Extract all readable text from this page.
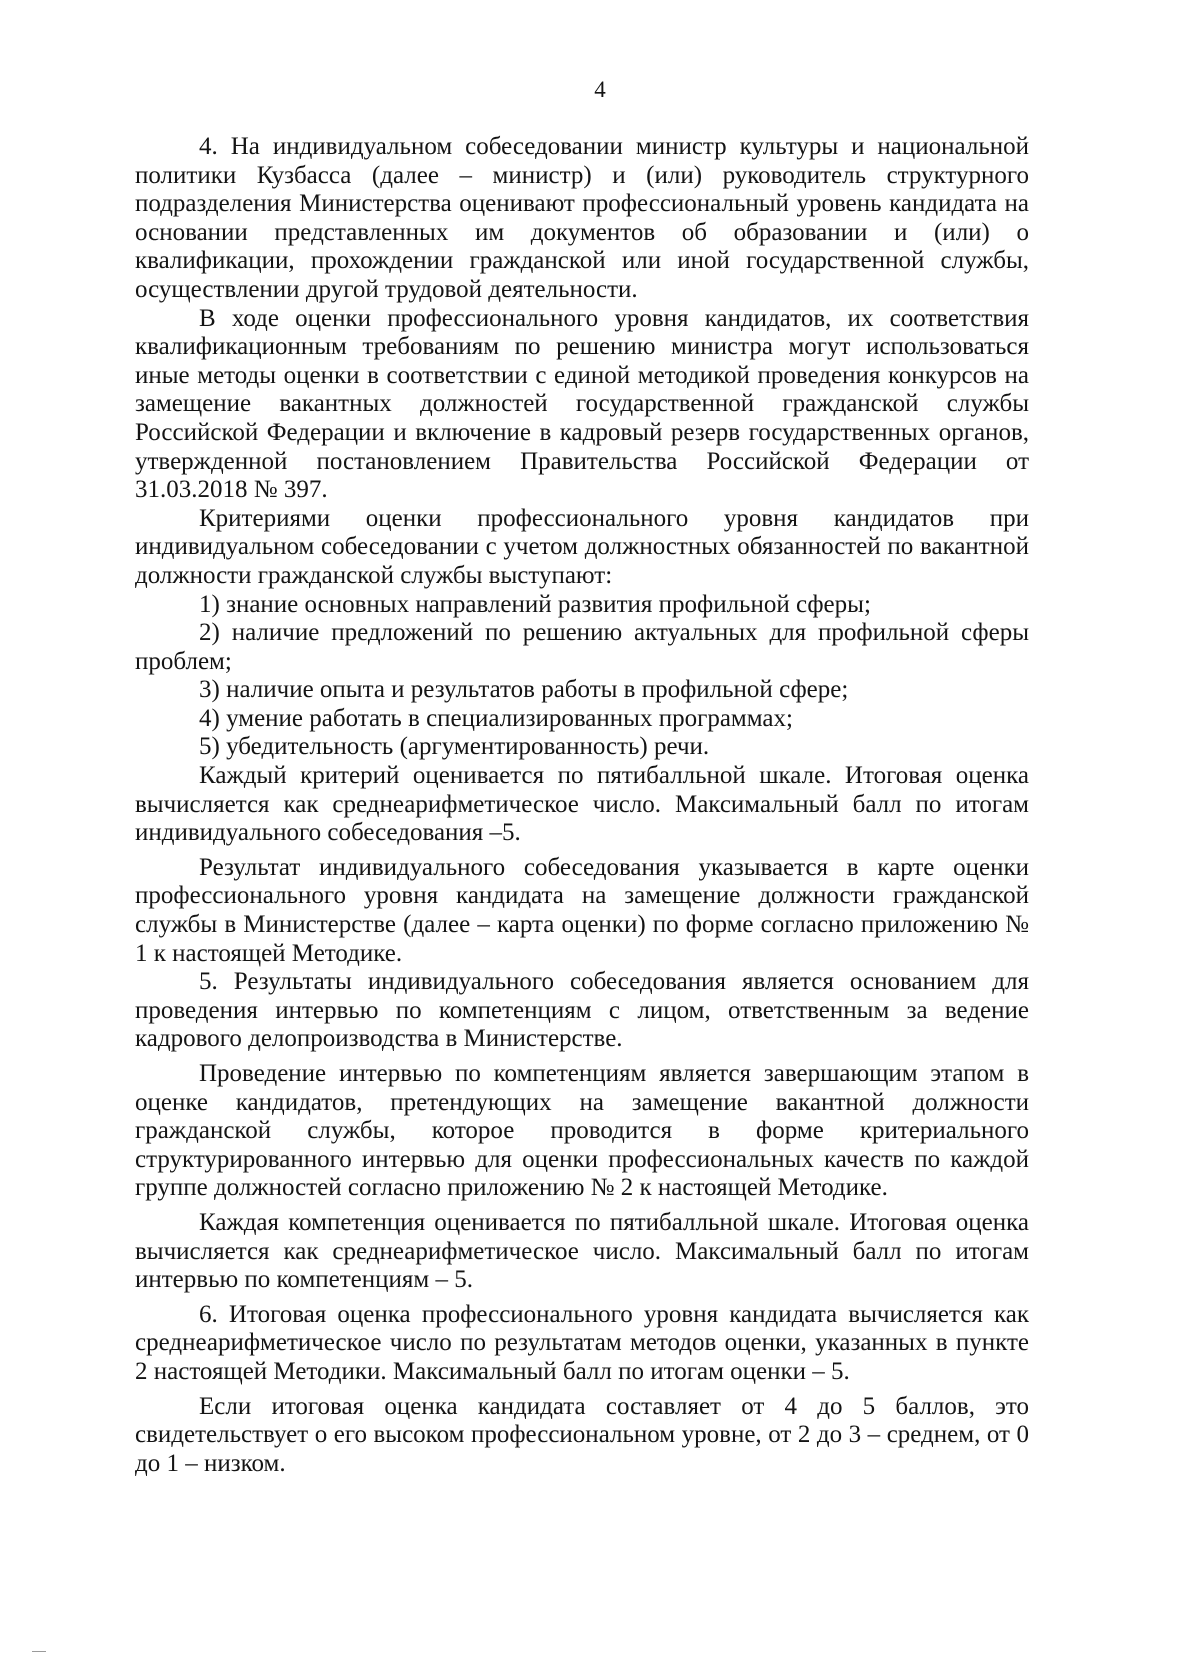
4

4. На индивидуальном собеседовании министр культуры и национальной политики Кузбасса (далее – министр) и (или) руководитель структурного подразделения Министерства оценивают профессиональный уровень кандидата на основании представленных им документов об образовании и (или) о квалификации, прохождении гражданской или иной государственной службы, осуществлении другой трудовой деятельности.

В ходе оценки профессионального уровня кандидатов, их соответствия квалификационным требованиям по решению министра могут использоваться иные методы оценки в соответствии с единой методикой проведения конкурсов на замещение вакантных должностей государственной гражданской службы Российской Федерации и включение в кадровый резерв государственных органов, утвержденной постановлением Правительства Российской Федерации от 31.03.2018 № 397.

Критериями оценки профессионального уровня кандидатов при индивидуальном собеседовании с учетом должностных обязанностей по вакантной должности гражданской службы выступают:

1) знание основных направлений развития профильной сферы;

2) наличие предложений по решению актуальных для профильной сферы проблем;

3) наличие опыта и результатов работы в профильной сфере;

4) умение работать в специализированных программах;

5) убедительность (аргументированность) речи.

Каждый критерий оценивается по пятибалльной шкале. Итоговая оценка вычисляется как среднеарифметическое число. Максимальный балл по итогам индивидуального собеседования –5.

Результат индивидуального собеседования указывается в карте оценки профессионального уровня кандидата на замещение должности гражданской службы в Министерстве (далее – карта оценки) по форме согласно приложению № 1 к настоящей Методике.

5. Результаты индивидуального собеседования является основанием для проведения интервью по компетенциям с лицом, ответственным за ведение кадрового делопроизводства в Министерстве.

Проведение интервью по компетенциям является завершающим этапом в оценке кандидатов, претендующих на замещение вакантной должности гражданской службы, которое проводится в форме критериального структурированного интервью для оценки профессиональных качеств по каждой группе должностей согласно приложению № 2 к настоящей Методике.

Каждая компетенция оценивается по пятибалльной шкале. Итоговая оценка вычисляется как среднеарифметическое число. Максимальный балл по итогам интервью по компетенциям – 5.

6. Итоговая оценка профессионального уровня кандидата вычисляется как среднеарифметическое число по результатам методов оценки, указанных в пункте 2 настоящей Методики. Максимальный балл по итогам оценки – 5.

Если итоговая оценка кандидата составляет от 4 до 5 баллов, это свидетельствует о его высоком профессиональном уровне, от 2 до 3 – среднем, от 0 до 1 – низком.
